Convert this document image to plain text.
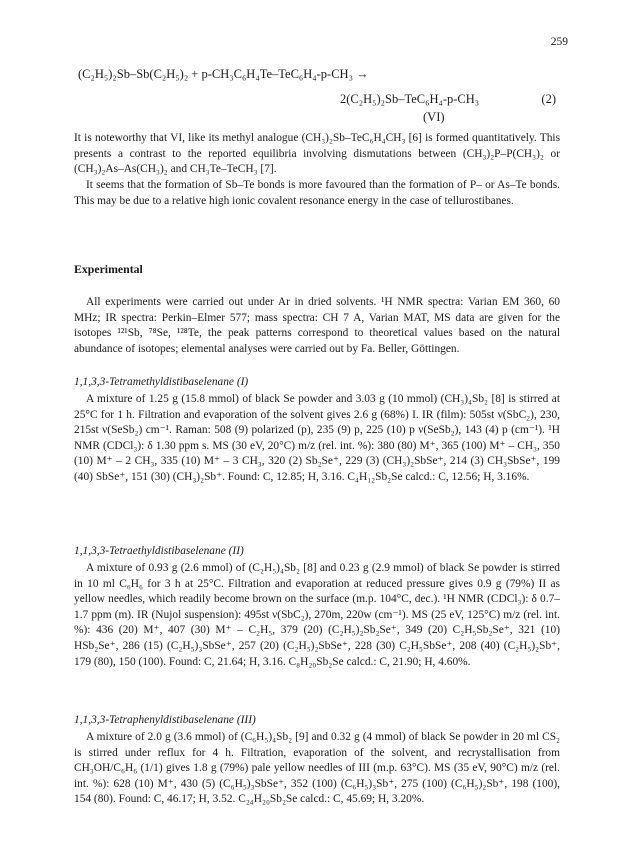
259
(C₂H₅)₂Sb–Sb(C₂H₅)₂ + p-CH₃C₆H₄Te–TeC₆H₄-p-CH₃ →
2(C₂H₅)₂Sb–TeC₆H₄-p-CH₃	(2)
(VI)

It is noteworthy that VI, like its methyl analogue (CH₃)₂Sb–TeC₆H₄CH₃ [6] is formed quantitatively. This presents a contrast to the reported equilibria involving dismutations between (CH₃)₂P–P(CH₃)₂ or (CH₃)₂As–As(CH₃)₂ and CH₃Te–TeCH₃ [7].

It seems that the formation of Sb–Te bonds is more favoured than the formation of P– or As–Te bonds. This may be due to a relative high ionic covalent resonance energy in the case of tellurostibanes.

Experimental

All experiments were carried out under Ar in dried solvents. ¹H NMR spectra: Varian EM 360, 60 MHz; IR spectra: Perkin–Elmer 577; mass spectra: CH 7 A, Varian MAT, MS data are given for the isotopes ¹²¹Sb, ⁷⁸Se, ¹²⁸Te, the peak patterns correspond to theoretical values based on the natural abundance of isotopes; elemental analyses were carried out by Fa. Beller, Göttingen.

1,1,3,3-Tetramethyldistibaselenane (I)

A mixture of 1.25 g (15.8 mmol) of black Se powder and 3.03 g (10 mmol) (CH₃)₄Sb₂ [8] is stirred at 25°C for 1 h. Filtration and evaporation of the solvent gives 2.6 g (68%) I. IR (film): 505st ν(SbC₂), 230, 215st ν(SeSb₂) cm⁻¹. Raman: 508 (9) polarized (p), 235 (9) p, 225 (10) p ν(SeSb₂), 143 (4) p (cm⁻¹). ¹H NMR (CDCl₃): δ 1.30 ppm s. MS (30 eV, 20°C) m/z (rel. int. %): 380 (80) M⁺, 365 (100) M⁺ – CH₃, 350 (10) M⁺ – 2 CH₃, 335 (10) M⁺ – 3 CH₃, 320 (2) Sb₂Se⁺, 229 (3) (CH₃)₂SbSe⁺, 214 (3) CH₃SbSe⁺, 199 (40) SbSe⁺, 151 (30) (CH₃)₂Sb⁺. Found: C, 12.85; H, 3.16. C₄H₁₂Sb₂Se calcd.: C, 12.56; H, 3.16%.

1,1,3,3-Tetraethyldistibaselenane (II)

A mixture of 0.93 g (2.6 mmol) of (C₂H₅)₄Sb₂ [8] and 0.23 g (2.9 mmol) of black Se powder is stirred in 10 ml C₆H₆ for 3 h at 25°C. Filtration and evaporation at reduced pressure gives 0.9 g (79%) II as yellow needles, which readily become brown on the surface (m.p. 104°C, dec.). ¹H NMR (CDCl₃): δ 0.7–1.7 ppm (m). IR (Nujol suspension): 495st ν(SbC₂), 270m, 220w (cm⁻¹). MS (25 eV, 125°C) m/z (rel. int. %): 436 (20) M⁺, 407 (30) M⁺ – C₂H₅, 379 (20) (C₂H₅)₂Sb₂Se⁺, 349 (20) C₂H₅Sb₂Se⁺, 321 (10) HSb₂Se⁺, 286 (15) (C₂H₅)₃SbSe⁺, 257 (20) (C₂H₅)₂SbSe⁺, 228 (30) C₂H₅SbSe⁺, 208 (40) (C₂H₅)₂Sb⁺, 179 (80), 150 (100). Found: C, 21.64; H, 3.16. C₈H₂₀Sb₂Se calcd.: C, 21.90; H, 4.60%.

1,1,3,3-Tetraphenyldistibaselenane (III)

A mixture of 2.0 g (3.6 mmol) of (C₆H₅)₄Sb₂ [9] and 0.32 g (4 mmol) of black Se powder in 20 ml CS₂ is stirred under reflux for 4 h. Filtration, evaporation of the solvent, and recrystallisation from CH₃OH/C₆H₆ (1/1) gives 1.8 g (79%) pale yellow needles of III (m.p. 63°C). MS (35 eV, 90°C) m/z (rel. int. %): 628 (10) M⁺, 430 (5) (C₆H₅)₃SbSe⁺, 352 (100) (C₆H₅)₃Sb⁺, 275 (100) (C₆H₅)₂Sb⁺, 198 (100), 154 (80). Found: C, 46.17; H, 3.52. C₂₄H₂₀Sb₂Se calcd.: C, 45.69; H, 3.20%.
